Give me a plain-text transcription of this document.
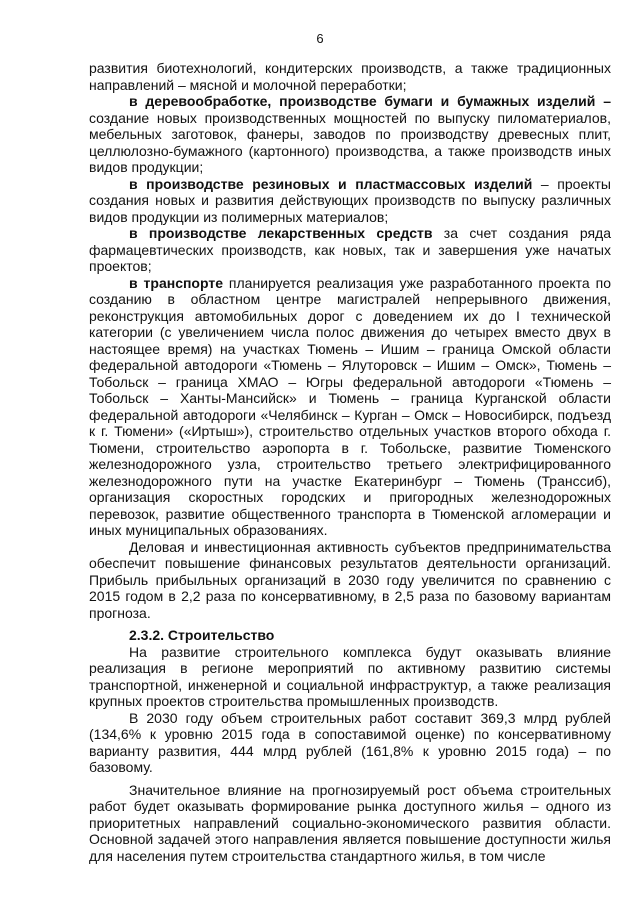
6

развития биотехнологий, кондитерских производств, а также традиционных направлений – мясной и молочной переработки;

в деревообработке, производстве бумаги и бумажных изделий – создание новых производственных мощностей по выпуску пиломатериалов, мебельных заготовок, фанеры, заводов по производству древесных плит, целлюлозно-бумажного (картонного) производства, а также производств иных видов продукции;

в производстве резиновых и пластмассовых изделий – проекты создания новых и развития действующих производств по выпуску различных видов продукции из полимерных материалов;

в производстве лекарственных средств за счет создания ряда фармацевтических производств, как новых, так и завершения уже начатых проектов;

в транспорте планируется реализация уже разработанного проекта по созданию в областном центре магистралей непрерывного движения, реконструкция автомобильных дорог с доведением их до I технической категории (с увеличением числа полос движения до четырех вместо двух в настоящее время) на участках Тюмень – Ишим – граница Омской области федеральной автодороги «Тюмень – Ялуторовск – Ишим – Омск», Тюмень – Тобольск – граница ХМАО – Югры федеральной автодороги «Тюмень – Тобольск – Ханты-Мансийск» и Тюмень – граница Курганской области федеральной автодороги «Челябинск – Курган – Омск – Новосибирск, подъезд к г. Тюмени» («Иртыш»), строительство отдельных участков второго обхода г. Тюмени, строительство аэропорта в г. Тобольске, развитие Тюменского железнодорожного узла, строительство третьего электрифицированного железнодорожного пути на участке Екатеринбург – Тюмень (Транссиб), организация скоростных городских и пригородных железнодорожных перевозок, развитие общественного транспорта в Тюменской агломерации и иных муниципальных образованиях.

Деловая и инвестиционная активность субъектов предпринимательства обеспечит повышение финансовых результатов деятельности организаций. Прибыль прибыльных организаций в 2030 году увеличится по сравнению с 2015 годом в 2,2 раза по консервативному, в 2,5 раза по базовому вариантам прогноза.

2.3.2. Строительство

На развитие строительного комплекса будут оказывать влияние реализация в регионе мероприятий по активному развитию системы транспортной, инженерной и социальной инфраструктур, а также реализация крупных проектов строительства промышленных производств.

В 2030 году объем строительных работ составит 369,3 млрд рублей (134,6% к уровню 2015 года в сопоставимой оценке) по консервативному варианту развития, 444 млрд рублей (161,8% к уровню 2015 года) – по базовому.

Значительное влияние на прогнозируемый рост объема строительных работ будет оказывать формирование рынка доступного жилья – одного из приоритетных направлений социально-экономического развития области. Основной задачей этого направления является повышение доступности жилья для населения путем строительства стандартного жилья, в том числе
